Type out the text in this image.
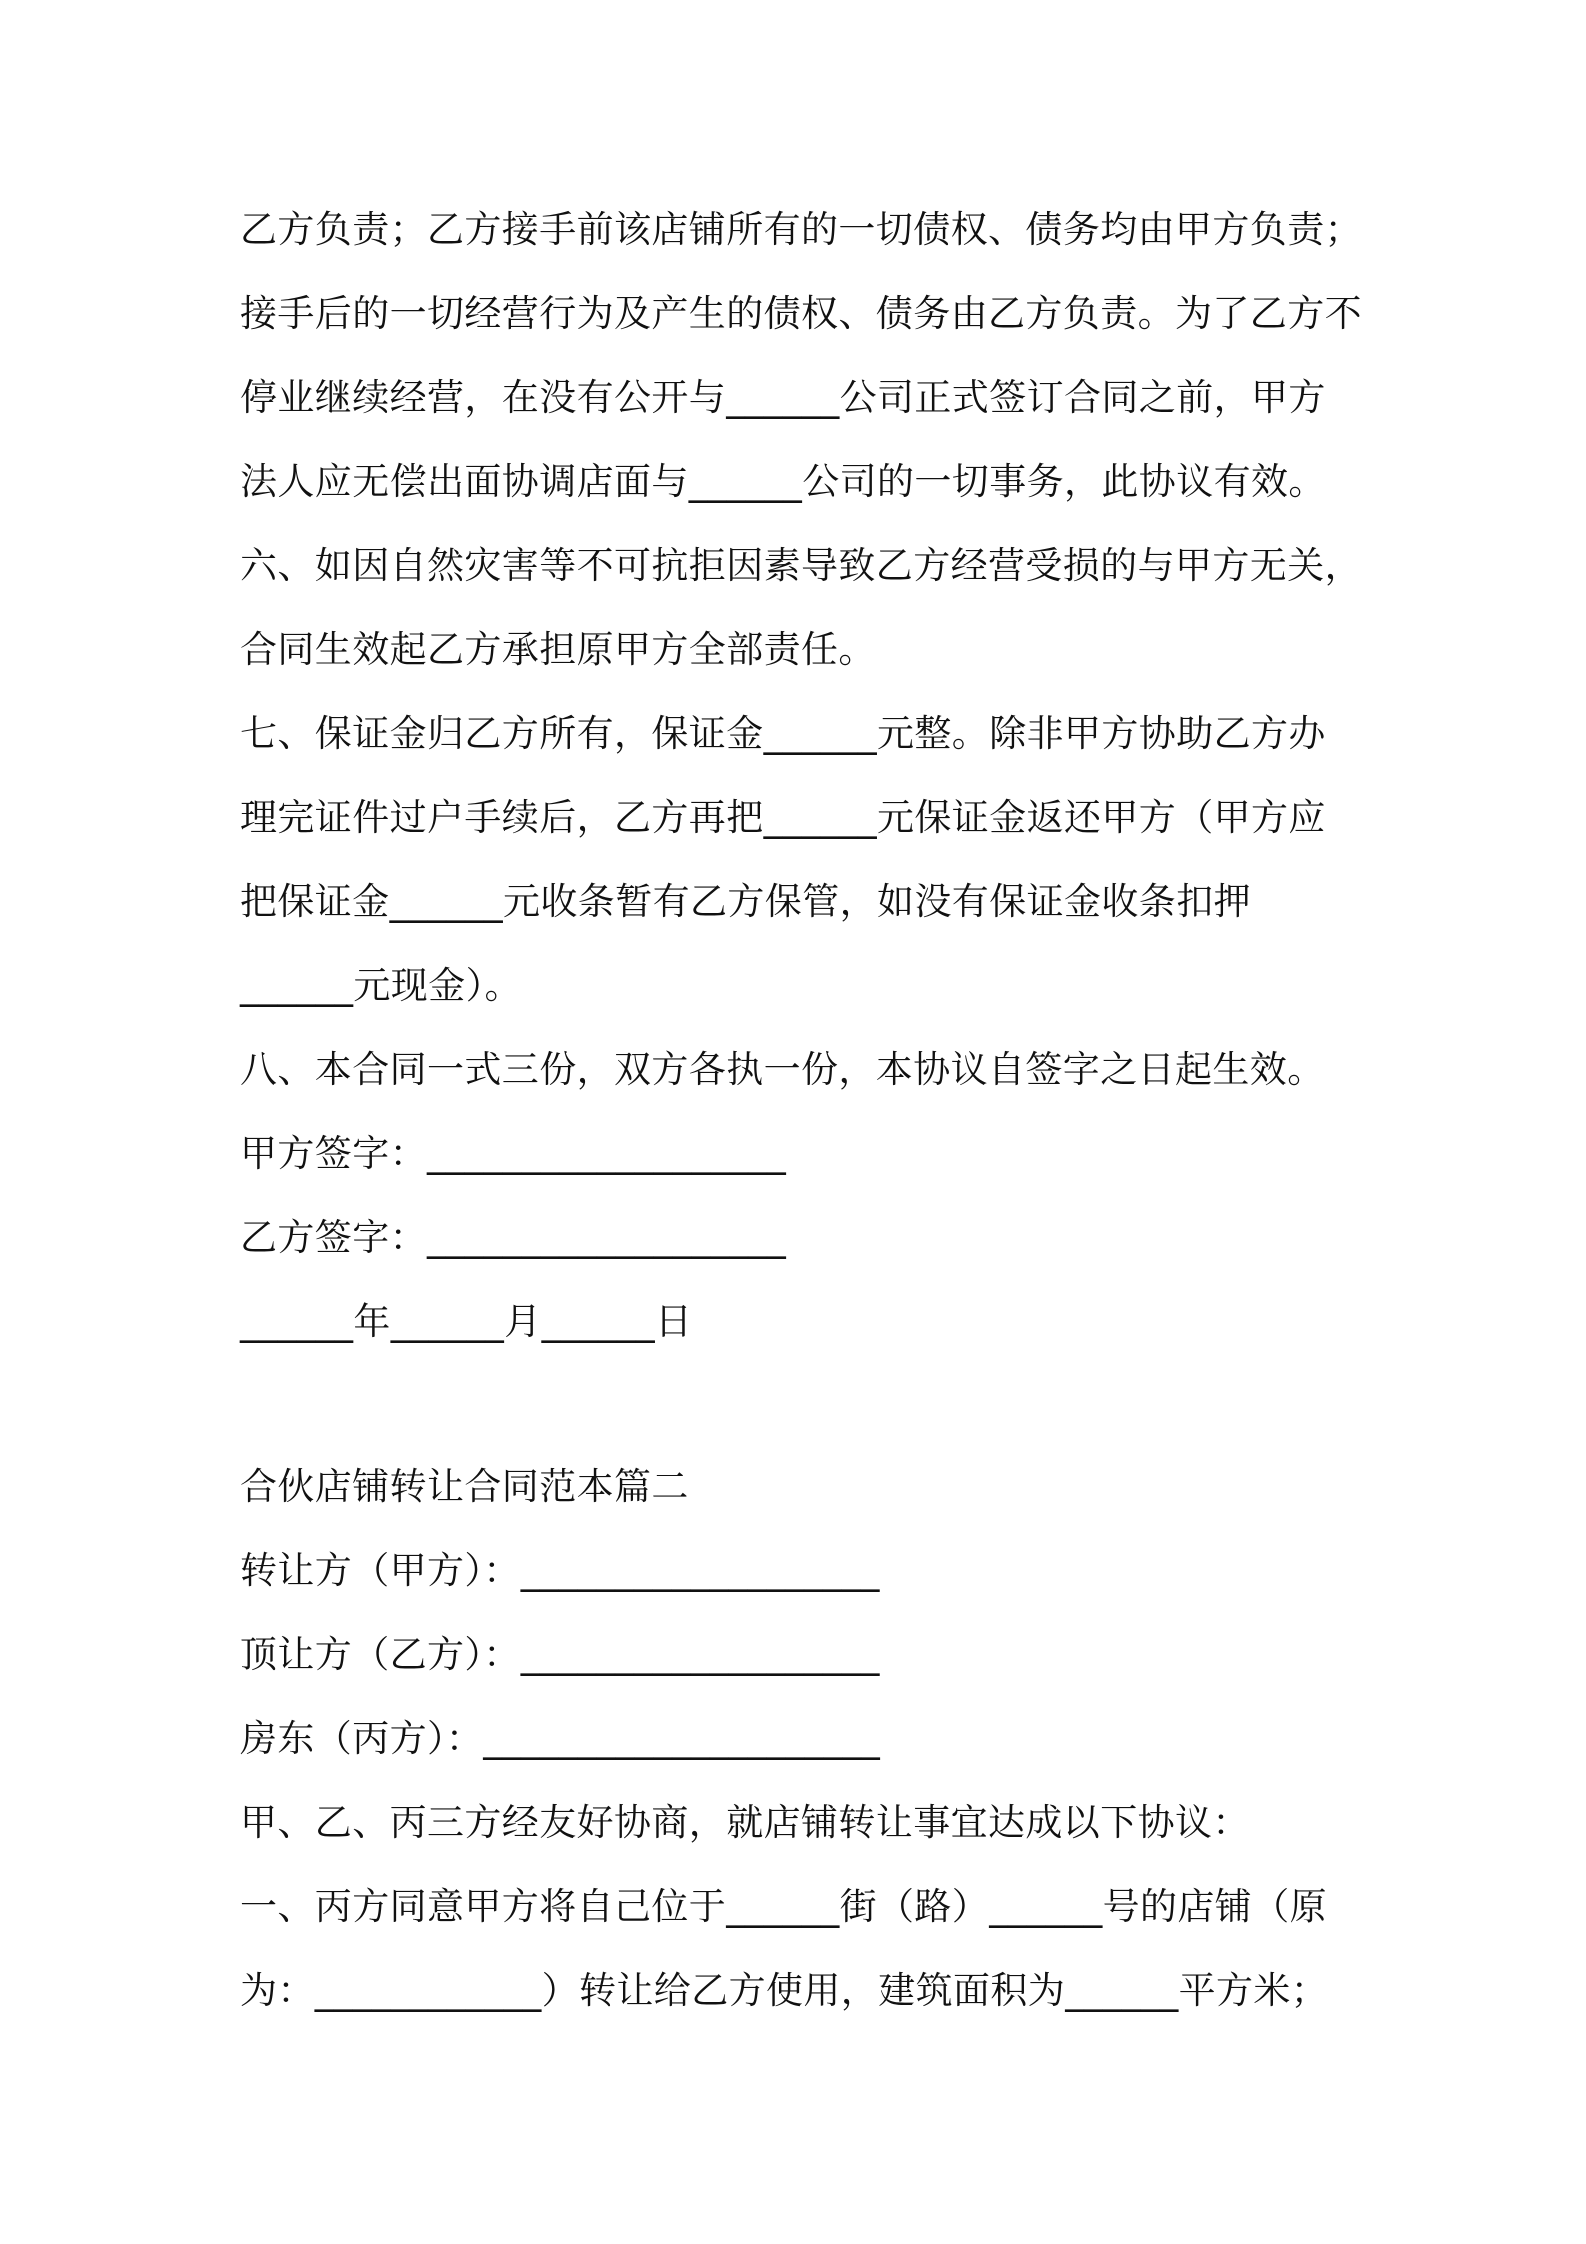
乙方负责；乙方接手前该店铺所有的一切债权、债务均由甲方负责；
接手后的一切经营行为及产生的债权、债务由乙方负责。为了乙方不
停业继续经营，在没有公开与______公司正式签订合同之前，甲方
法人应无偿出面协调店面与______公司的一切事务，此协议有效。
六、如因自然灾害等不可抗拒因素导致乙方经营受损的与甲方无关，
合同生效起乙方承担原甲方全部责任。
七、保证金归乙方所有，保证金______元整。除非甲方协助乙方办
理完证件过户手续后，乙方再把______元保证金返还甲方（甲方应
把保证金______元收条暂有乙方保管，如没有保证金收条扣押
______元现金）。
八、本合同一式三份，双方各执一份，本协议自签字之日起生效。
甲方签字：___________________
乙方签字：___________________
______年______月______日
合伙店铺转让合同范本篇二
转让方（甲方）：___________________
顶让方（乙方）：___________________
房东（丙方）：_____________________
甲、乙、丙三方经友好协商，就店铺转让事宜达成以下协议：
一、丙方同意甲方将自己位于______街（路）______号的店铺（原
为：____________）转让给乙方使用，建筑面积为______平方米；
